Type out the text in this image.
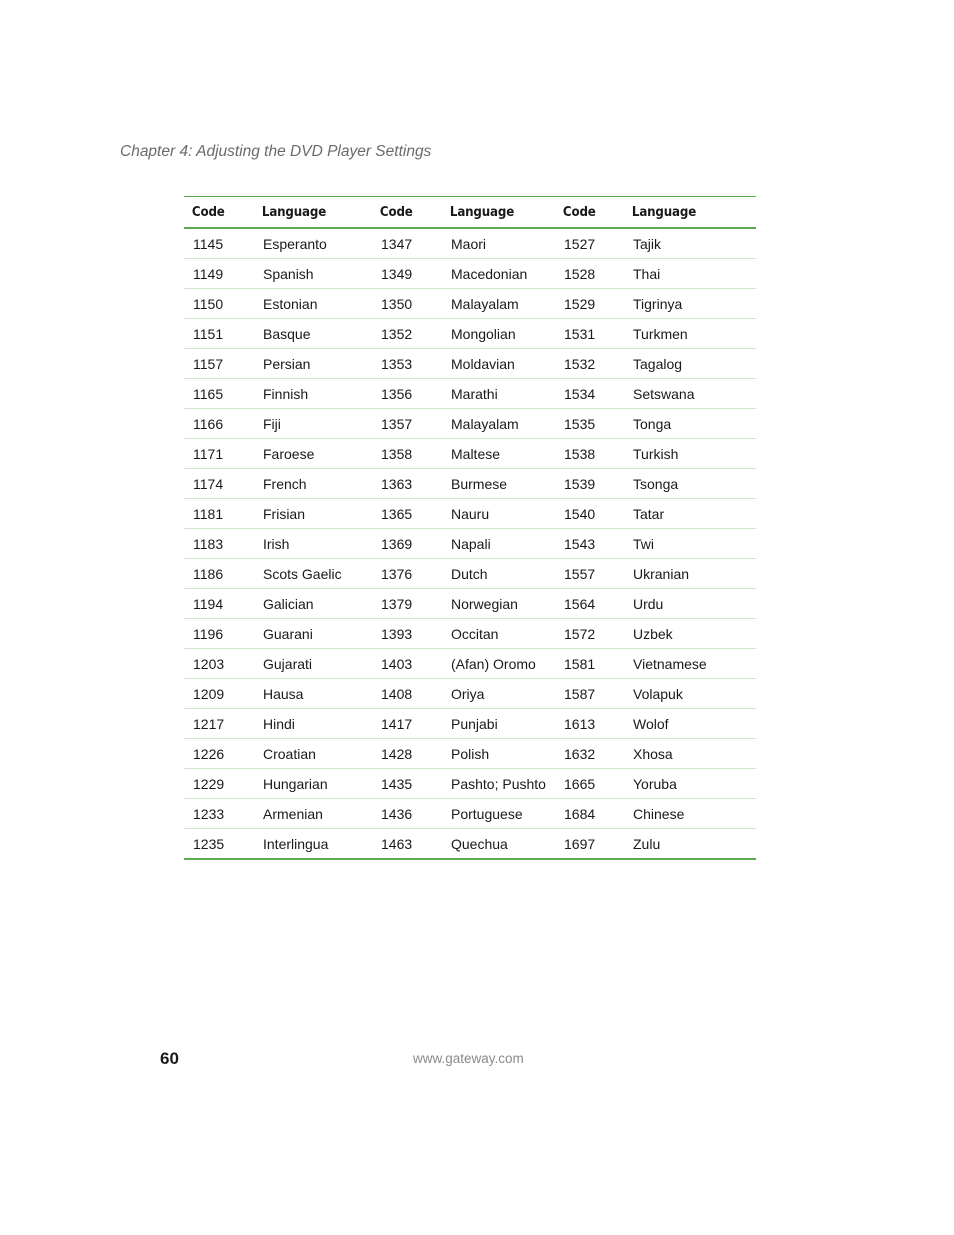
Chapter 4: Adjusting the DVD Player Settings
Code	Language	Code	Language	Code	Language
1145	Esperanto	1347	Maori	1527	Tajik
1149	Spanish	1349	Macedonian	1528	Thai
1150	Estonian	1350	Malayalam	1529	Tigrinya
1151	Basque	1352	Mongolian	1531	Turkmen
1157	Persian	1353	Moldavian	1532	Tagalog
1165	Finnish	1356	Marathi	1534	Setswana
1166	Fiji	1357	Malayalam	1535	Tonga
1171	Faroese	1358	Maltese	1538	Turkish
1174	French	1363	Burmese	1539	Tsonga
1181	Frisian	1365	Nauru	1540	Tatar
1183	Irish	1369	Napali	1543	Twi
1186	Scots Gaelic	1376	Dutch	1557	Ukranian
1194	Galician	1379	Norwegian	1564	Urdu
1196	Guarani	1393	Occitan	1572	Uzbek
1203	Gujarati	1403	(Afan) Oromo	1581	Vietnamese
1209	Hausa	1408	Oriya	1587	Volapuk
1217	Hindi	1417	Punjabi	1613	Wolof
1226	Croatian	1428	Polish	1632	Xhosa
1229	Hungarian	1435	Pashto; Pushto	1665	Yoruba
1233	Armenian	1436	Portuguese	1684	Chinese
1235	Interlingua	1463	Quechua	1697	Zulu
60	www.gateway.com
